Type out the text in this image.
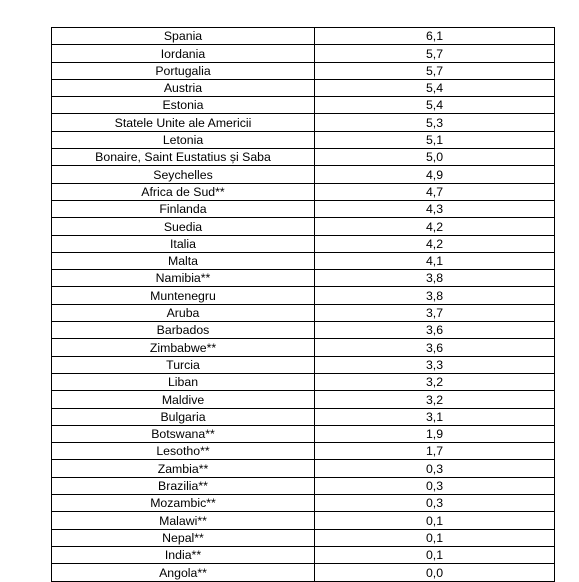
Spania	6,1
Iordania	5,7
Portugalia	5,7
Austria	5,4
Estonia	5,4
Statele Unite ale Americii	5,3
Letonia	5,1
Bonaire, Saint Eustatius și Saba	5,0
Seychelles	4,9
Africa de Sud**	4,7
Finlanda	4,3
Suedia	4,2
Italia	4,2
Malta	4,1
Namibia**	3,8
Muntenegru	3,8
Aruba	3,7
Barbados	3,6
Zimbabwe**	3,6
Turcia	3,3
Liban	3,2
Maldive	3,2
Bulgaria	3,1
Botswana**	1,9
Lesotho**	1,7
Zambia**	0,3
Brazilia**	0,3
Mozambic**	0,3
Malawi**	0,1
Nepal**	0,1
India**	0,1
Angola**	0,0
